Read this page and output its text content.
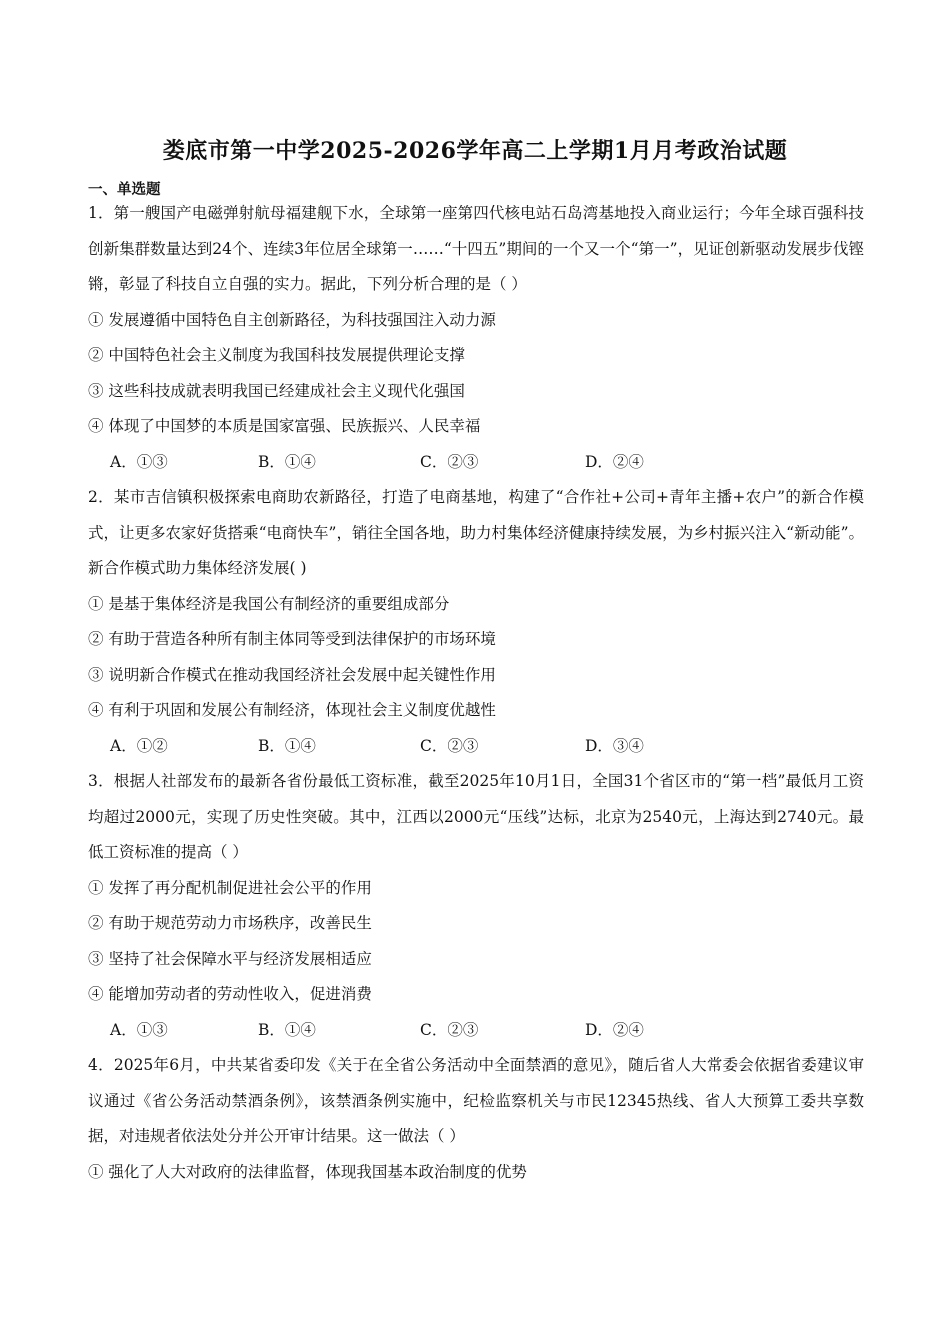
娄底市第一中学2025-2026学年高二上学期1月月考政治试题
一、单选题
1．第一艘国产电磁弹射航母福建舰下水，全球第一座第四代核电站石岛湾基地投入商业运行；今年全球百强科技创新集群数量达到24个、连续3年位居全球第一……“十四五”期间的一个又一个“第一”，见证创新驱动发展步伐铿锵，彰显了科技自立自强的实力。据此，下列分析合理的是（ ）
① 发展遵循中国特色自主创新路径，为科技强国注入动力源
② 中国特色社会主义制度为我国科技发展提供理论支撑
③ 这些科技成就表明我国已经建成社会主义现代化强国
④ 体现了中国梦的本质是国家富强、民族振兴、人民幸福
A．①③	B．①④	C．②③	D．②④
2．某市吉信镇积极探索电商助农新路径，打造了电商基地，构建了“合作社+公司+青年主播+农户”的新合作模式，让更多农家好货搭乘“电商快车”，销往全国各地，助力村集体经济健康持续发展，为乡村振兴注入“新动能”。新合作模式助力集体经济发展( )
① 是基于集体经济是我国公有制经济的重要组成部分
② 有助于营造各种所有制主体同等受到法律保护的市场环境
③ 说明新合作模式在推动我国经济社会发展中起关键性作用
④ 有利于巩固和发展公有制经济，体现社会主义制度优越性
A．①②	B．①④	C．②③	D．③④
3．根据人社部发布的最新各省份最低工资标准，截至2025年10月1日，全国31个省区市的“第一档”最低月工资均超过2000元，实现了历史性突破。其中，江西以2000元“压线”达标，北京为2540元，上海达到2740元。最低工资标准的提高（ ）
① 发挥了再分配机制促进社会公平的作用
② 有助于规范劳动力市场秩序，改善民生
③ 坚持了社会保障水平与经济发展相适应
④ 能增加劳动者的劳动性收入，促进消费
A．①③	B．①④	C．②③	D．②④
4．2025年6月，中共某省委印发《关于在全省公务活动中全面禁酒的意见》，随后省人大常委会依据省委建议审议通过《省公务活动禁酒条例》，该禁酒条例实施中，纪检监察机关与市民12345热线、省人大预算工委共享数据，对违规者依法处分并公开审计结果。这一做法（ ）
① 强化了人大对政府的法律监督，体现我国基本政治制度的优势
